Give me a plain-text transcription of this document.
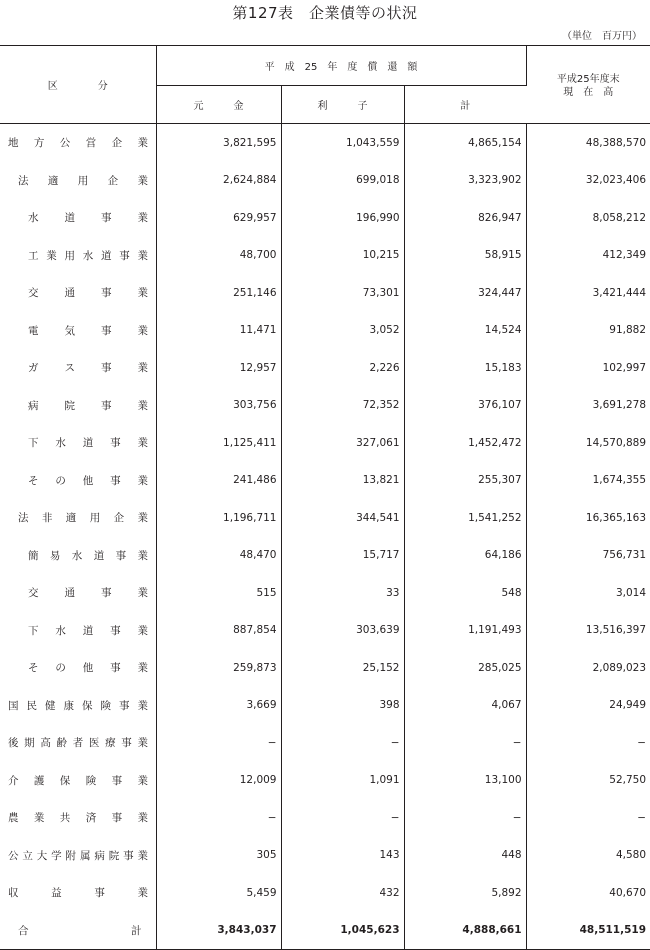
第127表　企業債等の状況
（単位　百万円）
区　　　　分	平　成　25　年　度　償　還　額			平成25年度末
現　在　高

	元　　　金	利　　　子	計	
地方公営企業	3,821,595	1,043,559	4,865,154	48,388,570
法適用企業	2,624,884	699,018	3,323,902	32,023,406
水道事業	629,957	196,990	826,947	8,058,212
工業用水道事業	48,700	10,215	58,915	412,349
交通事業	251,146	73,301	324,447	3,421,444
電気事業	11,471	3,052	14,524	91,882
ガス事業	12,957	2,226	15,183	102,997
病院事業	303,756	72,352	376,107	3,691,278
下水道事業	1,125,411	327,061	1,452,472	14,570,889
その他事業	241,486	13,821	255,307	1,674,355
法非適用企業	1,196,711	344,541	1,541,252	16,365,163
簡易水道事業	48,470	15,717	64,186	756,731
交通事業	515	33	548	3,014
下水道事業	887,854	303,639	1,191,493	13,516,397
その他事業	259,873	25,152	285,025	2,089,023
国民健康保険事業	3,669	398	4,067	24,949
後期高齢者医療事業	−	−	−	−
介護保険事業	12,009	1,091	13,100	52,750
農業共済事業	−	−	−	−
公立大学附属病院事業	305	143	448	4,580
収益事業	5,459	432	5,892	40,670

合 計	3,843,037	1,045,623	4,888,661	48,511,519
